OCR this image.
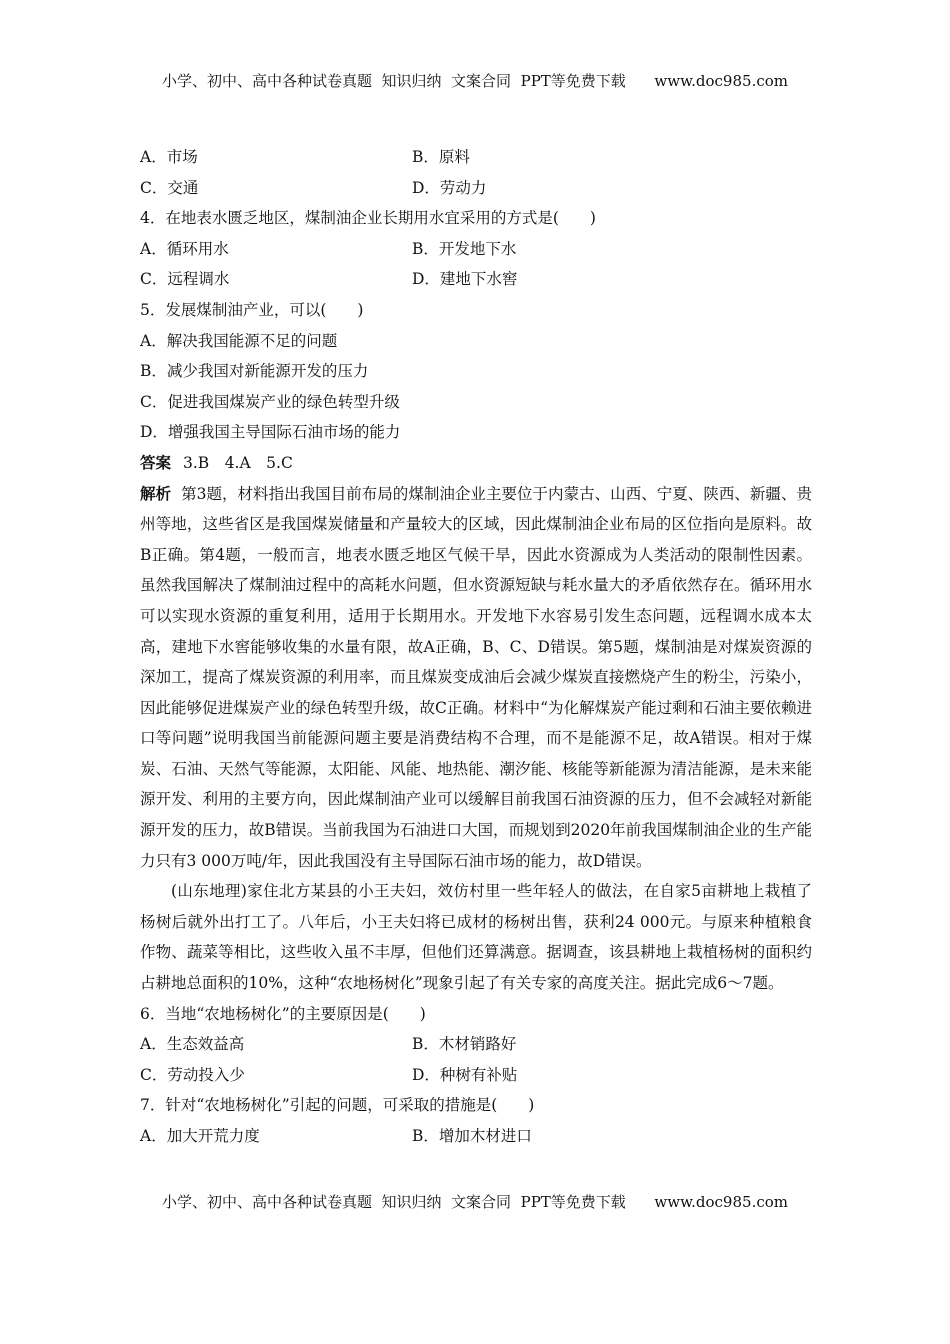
小学、初中、高中各种试卷真题  知识归纳  文案合同  PPT等免费下载      www.doc985.com
A．市场	B．原料
C．交通	D．劳动力
4．在地表水匮乏地区，煤制油企业长期用水宜采用的方式是(　　)
A．循环用水	B．开发地下水
C．远程调水	D．建地下水窖
5．发展煤制油产业，可以(　　)
A．解决我国能源不足的问题
B．减少我国对新能源开发的压力
C．促进我国煤炭产业的绿色转型升级
D．增强我国主导国际石油市场的能力
答案 3.B　4.A　5.C

解析 第3题，材料指出我国目前布局的煤制油企业主要位于内蒙古、山西、宁夏、陕西、新疆、贵州等地，这些省区是我国煤炭储量和产量较大的区域，因此煤制油企业布局的区位指向是原料。故B正确。第4题，一般而言，地表水匮乏地区气候干旱，因此水资源成为人类活动的限制性因素。虽然我国解决了煤制油过程中的高耗水问题，但水资源短缺与耗水量大的矛盾依然存在。循环用水可以实现水资源的重复利用，适用于长期用水。开发地下水容易引发生态问题，远程调水成本太高，建地下水窖能够收集的水量有限，故A正确，B、C、D错误。第5题，煤制油是对煤炭资源的深加工，提高了煤炭资源的利用率，而且煤炭变成油后会减少煤炭直接燃烧产生的粉尘，污染小，因此能够促进煤炭产业的绿色转型升级，故C正确。材料中“为化解煤炭产能过剩和石油主要依赖进口等问题”说明我国当前能源问题主要是消费结构不合理，而不是能源不足，故A错误。相对于煤炭、石油、天然气等能源，太阳能、风能、地热能、潮汐能、核能等新能源为清洁能源，是未来能源开发、利用的主要方向，因此煤制油产业可以缓解目前我国石油资源的压力，但不会减轻对新能源开发的压力，故B错误。当前我国为石油进口大国，而规划到2020年前我国煤制油企业的生产能力只有3 000万吨/年，因此我国没有主导国际石油市场的能力，故D错误。

(山东地理)家住北方某县的小王夫妇，效仿村里一些年轻人的做法，在自家5亩耕地上栽植了杨树后就外出打工了。八年后，小王夫妇将已成材的杨树出售，获利24 000元。与原来种植粮食作物、蔬菜等相比，这些收入虽不丰厚，但他们还算满意。据调查，该县耕地上栽植杨树的面积约占耕地总面积的10%，这种“农地杨树化”现象引起了有关专家的高度关注。据此完成6～7题。

6．当地“农地杨树化”的主要原因是(　　)
A．生态效益高	B．木材销路好
C．劳动投入少	D．种树有补贴
7．针对“农地杨树化”引起的问题，可采取的措施是(　　)
A．加大开荒力度	B．增加木材进口
小学、初中、高中各种试卷真题  知识归纳  文案合同  PPT等免费下载      www.doc985.com
